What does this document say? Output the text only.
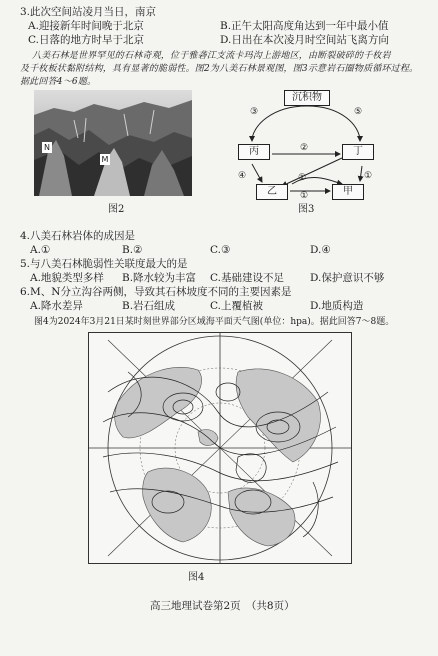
3.此次空间站凌月当日，南京
A.迎接新年时间晚于北京	B.正午太阳高度角达到一年中最小值
C.日落的地方时早于北京	D.日出在本次凌月时空间站飞离方向
八美石林是世界罕见的石林奇观，位于雅砻江支流卡玛沟上游地区，由断裂破碎的千枚岩
及千枚板状黏附结构，具有显著的脆弱性。图2为八美石林景观图，图3示意岩石圈物质循环过程。
据此回答4～6题。
N
M
图2
沉积物
丙	丁
乙	甲
③	⑤
②
④	①
①
①
图3
4.八美石林岩体的成因是
A.①	B.②	C.③	D.④
5.与八美石林脆弱性关联度最大的是
A.地貌类型多样 B.降水较为丰富 C.基础建设不足 D.保护意识不够
6.M、N分立沟谷两侧，导致其石林坡度不同的主要因素是
A.降水差异	B.岩石组成	C.上覆植被	D.地质构造
图4为2024年3月21日某时刻世界部分区域海平面天气图(单位：hpa)。据此回答7～8题。
图4
高三地理试卷第2页　（共8页）
